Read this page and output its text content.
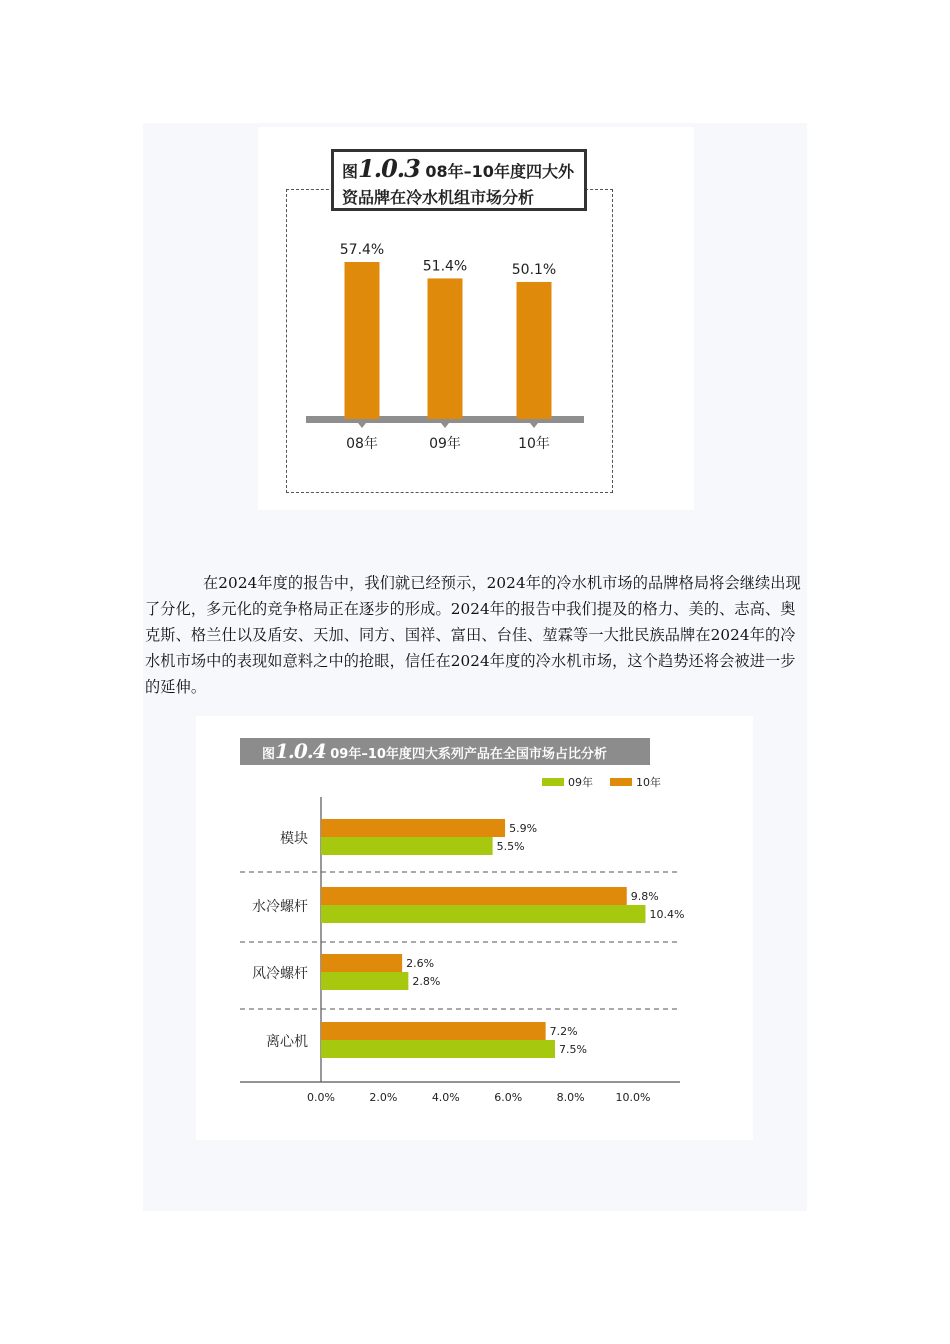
57.4%
08年
51.4%
09年
50.1%
10年
图1.0.3 08年–10年度四大外
资品牌在冷水机组市场分析
在2024年度的报告中，我们就已经预示，2024年的冷水机市场的品牌格局将会继续出现了分化，多元化的竞争格局正在逐步的形成。2024年的报告中我们提及的格力、美的、志高、奥克斯、格兰仕以及盾安、天加、同方、国祥、富田、台佳、堃霖等一大批民族品牌在2024年的冷水机市场中的表现如意料之中的抢眼，信任在2024年度的冷水机市场，这个趋势还将会被进一步的延伸。
09年	10年
模块
5.9%
5.5%
水冷螺杆
9.8%
10.4%
风冷螺杆
2.6%
2.8%
离心机
7.2%
7.5%
0.0%	2.0%	4.0%	6.0%	8.0%	10.0%
图1.0.4 09年–10年度四大系列产品在全国市场占比分析
